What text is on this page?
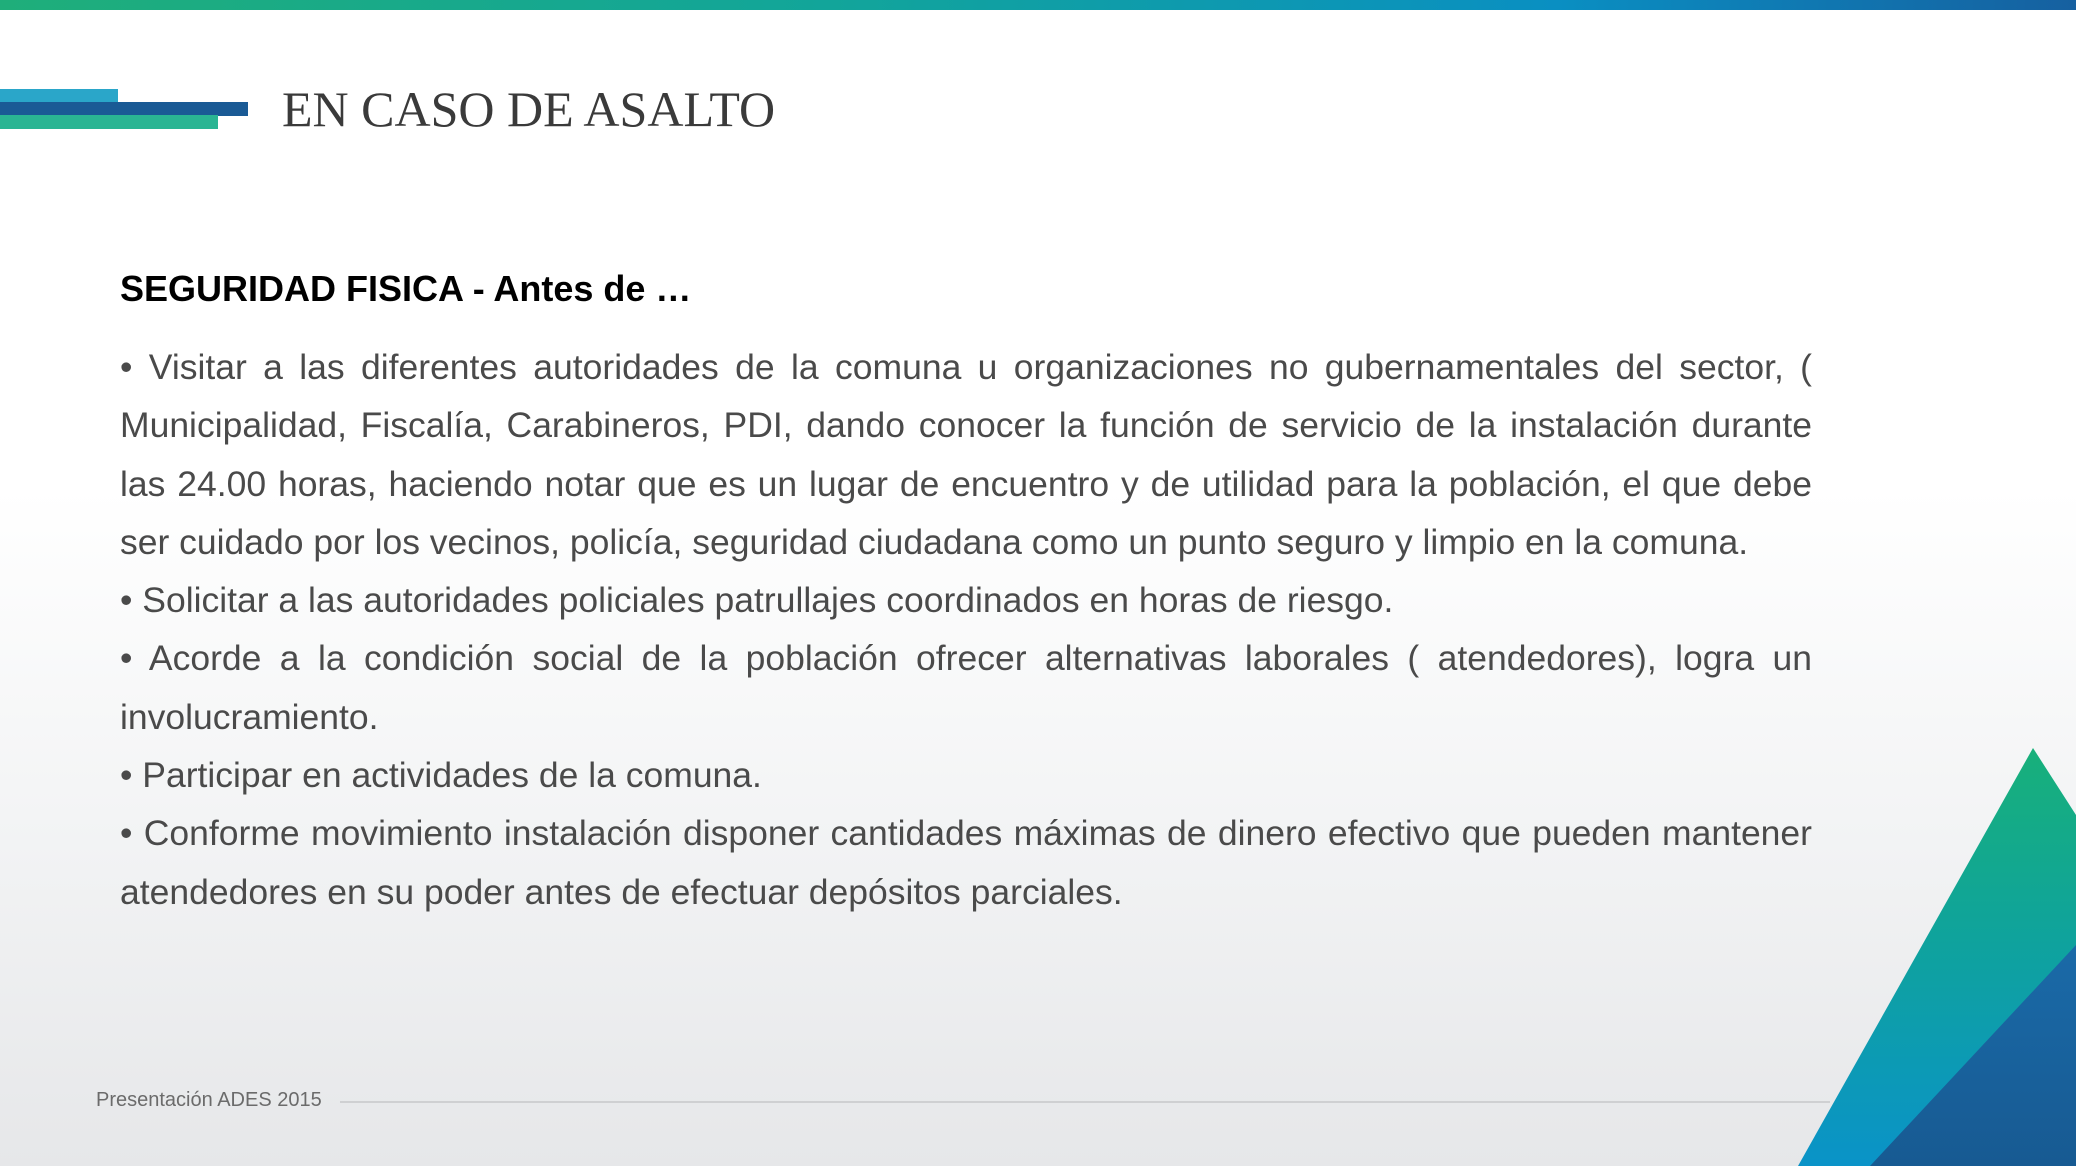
EN CASO DE ASALTO
SEGURIDAD FISICA - Antes de …

• Visitar a las diferentes autoridades de la comuna u organizaciones no gubernamentales del sector, ( Municipalidad, Fiscalía, Carabineros, PDI, dando conocer la función de servicio de la instalación durante las 24.00 horas, haciendo notar que es un lugar de encuentro y de utilidad para la población, el que debe ser cuidado por los vecinos, policía, seguridad ciudadana como un punto seguro y limpio en la comuna.

• Solicitar a las autoridades policiales patrullajes coordinados en horas de riesgo.

• Acorde a la condición social de la población ofrecer alternativas laborales ( atendedores), logra un involucramiento.

• Participar en actividades de la comuna.

• Conforme movimiento instalación disponer cantidades máximas de dinero efectivo que pueden mantener atendedores en su poder antes de efectuar depósitos parciales.

Presentación ADES 2015
